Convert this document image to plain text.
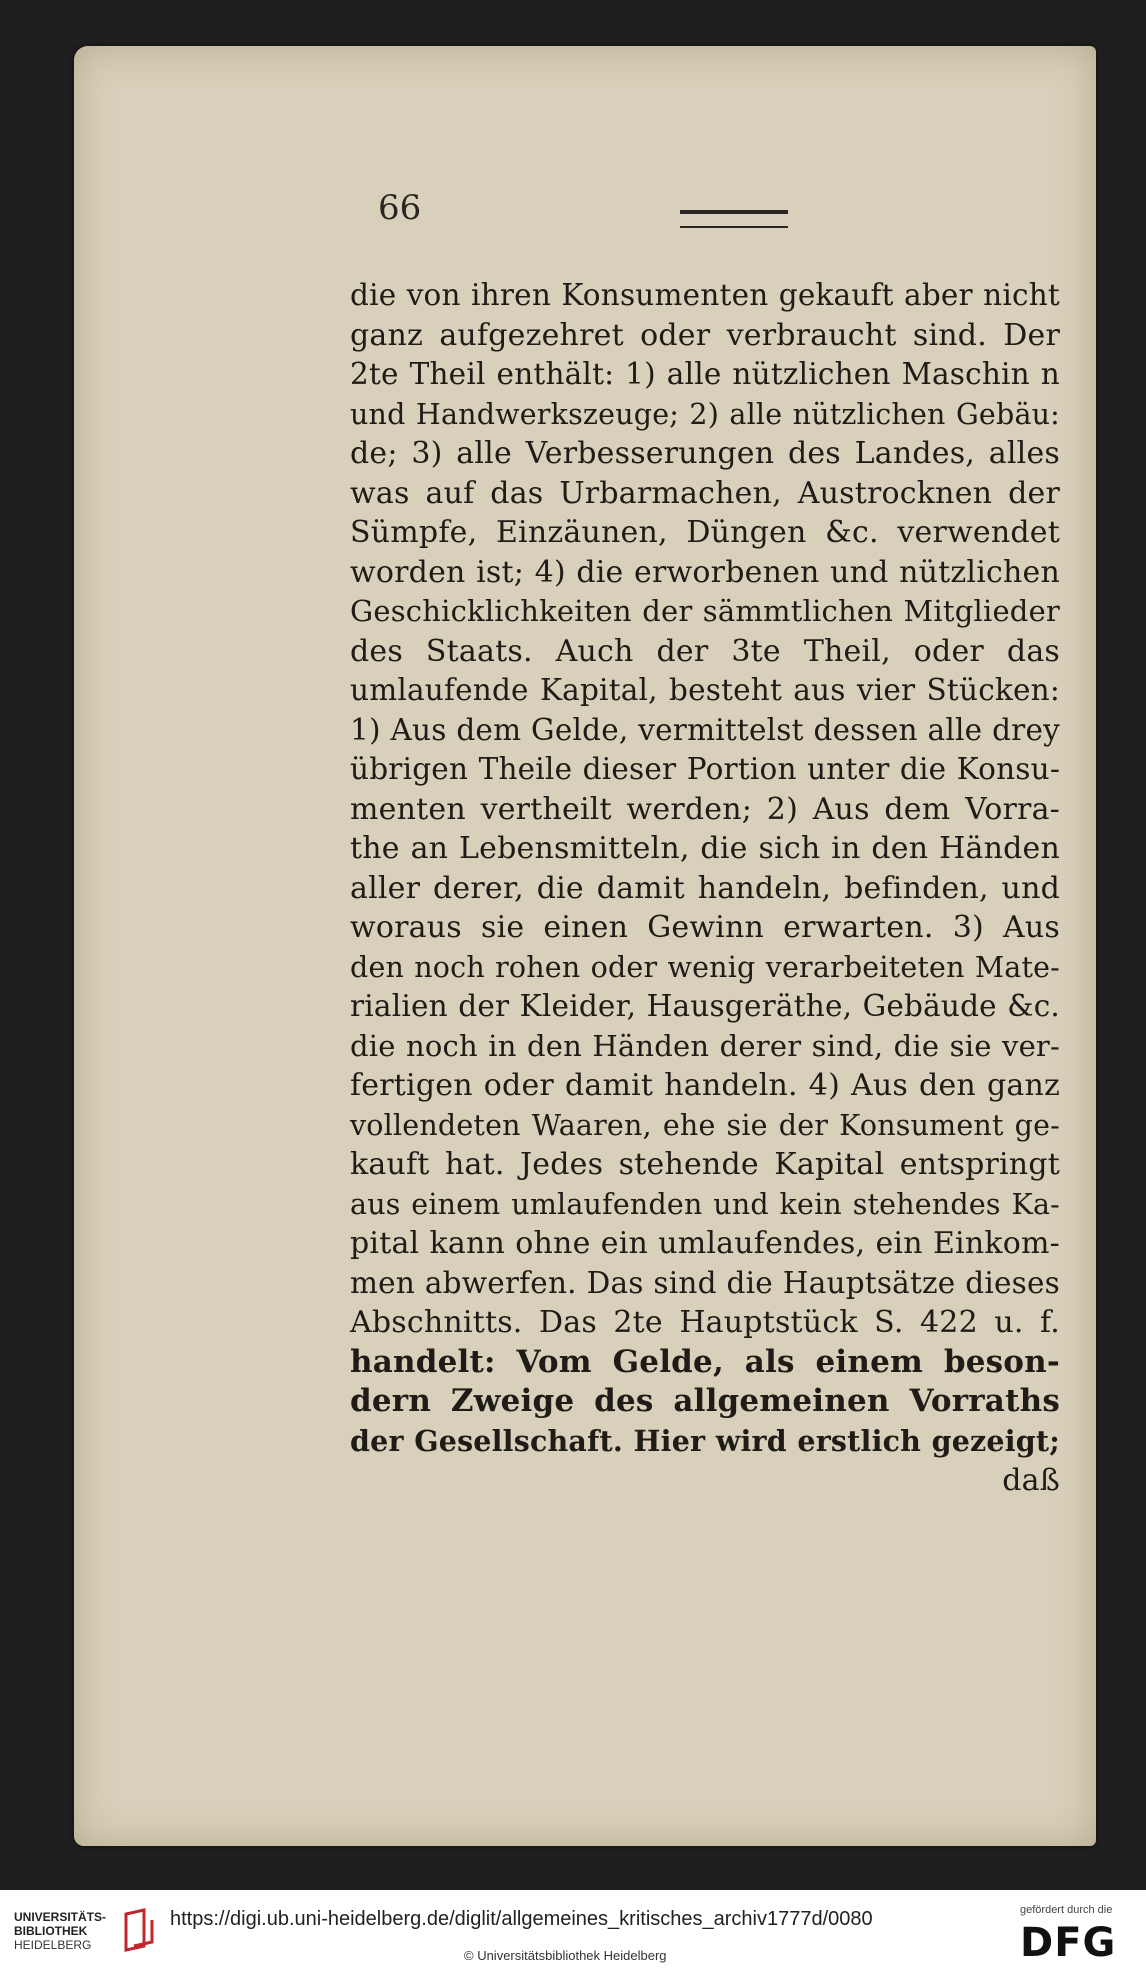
66
die von ihren Konsumenten gekauft aber nicht
ganz aufgezehret oder verbraucht sind. Der
2te Theil enthält: 1) alle nützlichen Maschin n
und Handwerkszeuge; 2) alle nützlichen Gebäu:
de; 3) alle Verbesserungen des Landes, alles
was auf das Urbarmachen, Austrocknen der
Sümpfe, Einzäunen, Düngen &c. verwendet
worden ist; 4) die erworbenen und nützlichen
Geschicklichkeiten der sämmtlichen Mitglieder
des Staats. Auch der 3te Theil, oder das
umlaufende Kapital, besteht aus vier Stücken:
1) Aus dem Gelde, vermittelst dessen alle drey
übrigen Theile dieser Portion unter die Konsu-
menten vertheilt werden; 2) Aus dem Vorra-
the an Lebensmitteln, die sich in den Händen
aller derer, die damit handeln, befinden, und
woraus sie einen Gewinn erwarten. 3) Aus
den noch rohen oder wenig verarbeiteten Mate-
rialien der Kleider, Hausgeräthe, Gebäude &c.
die noch in den Händen derer sind, die sie ver-
fertigen oder damit handeln. 4) Aus den ganz
vollendeten Waaren, ehe sie der Konsument ge-
kauft hat. Jedes stehende Kapital entspringt
aus einem umlaufenden und kein stehendes Ka-
pital kann ohne ein umlaufendes, ein Einkom-
men abwerfen. Das sind die Hauptsätze dieses
Abschnitts. Das 2te Hauptstück S. 422 u. f.
handelt: Vom Gelde, als einem beson-
dern Zweige des allgemeinen Vorraths
der Gesellschaft. Hier wird erstlich gezeigt;
daß
UNIVERSITÄTS-
BIBLIOTHEK
HEIDELBERG
https://digi.ub.uni-heidelberg.de/diglit/allgemeines_kritisches_archiv1777d/0080
© Universitätsbibliothek Heidelberg
gefördert durch die
DFG
